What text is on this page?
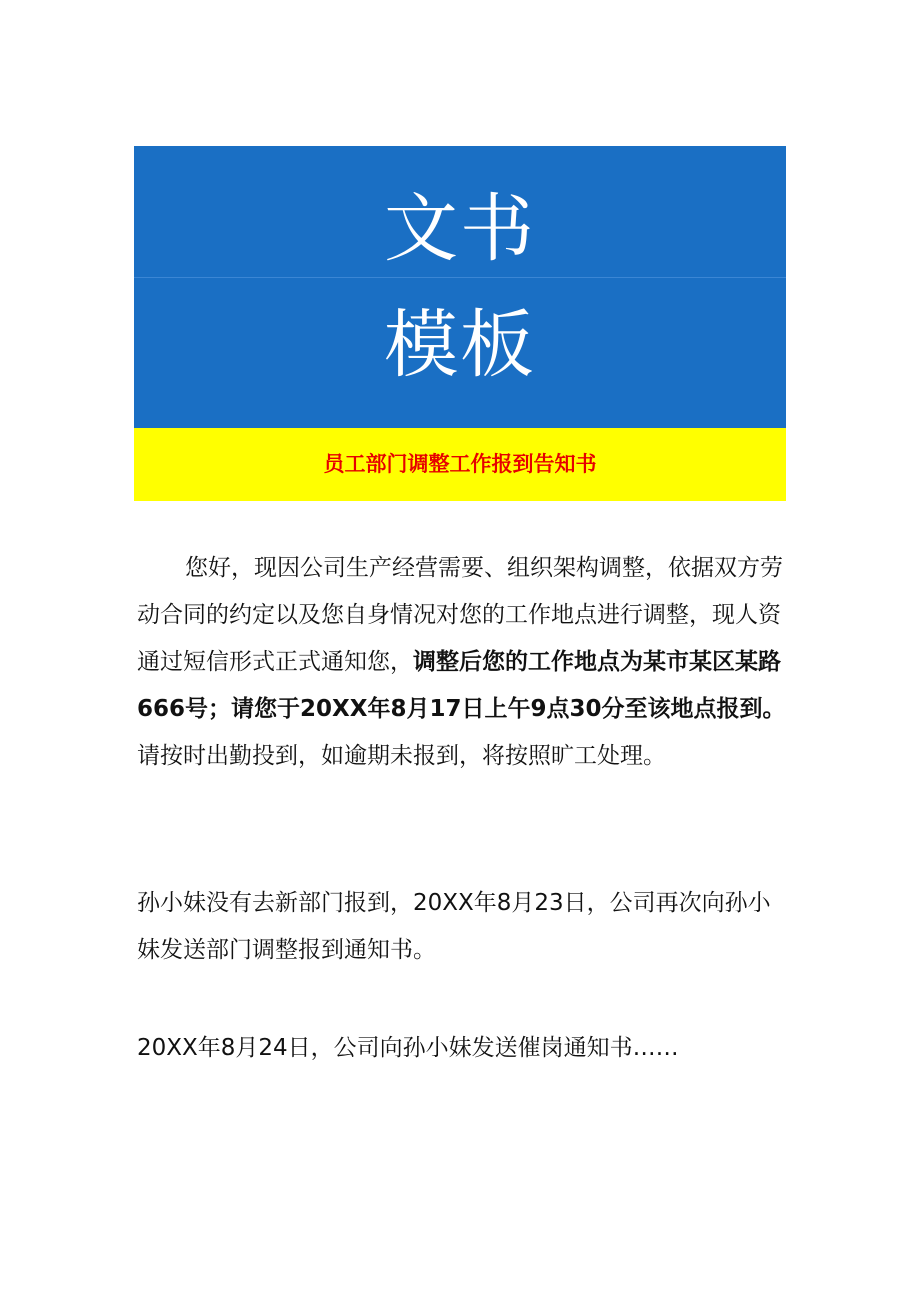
文书
模板
员工部门调整工作报到告知书

您好，现因公司生产经营需要、组织架构调整，依据双方劳动合同的约定以及您自身情况对您的工作地点进行调整，现人资通过短信形式正式通知您，调整后您的工作地点为某市某区某路666号；请您于20XX年8月17日上午9点30分至该地点报到。请按时出勤投到，如逾期未报到，将按照旷工处理。

孙小妹没有去新部门报到，20XX年8月23日，公司再次向孙小妹发送部门调整报到通知书。

20XX年8月24日，公司向孙小妹发送催岗通知书……
